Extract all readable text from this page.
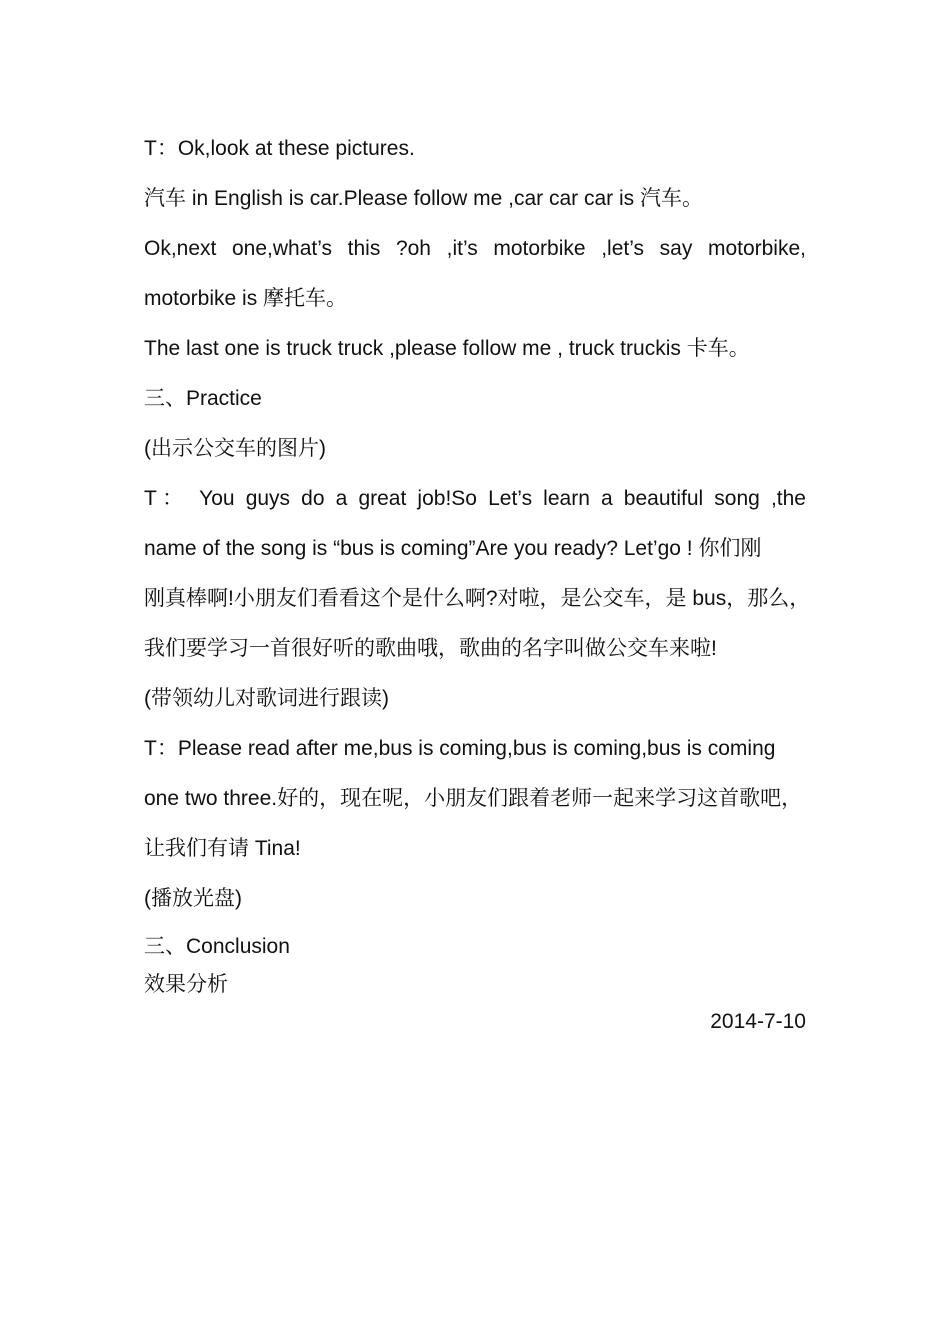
T：Ok,look at these pictures.
汽车 in English is car.Please follow me ,car car car is 汽车。
Ok,next one,what’s this ?oh ,it’s motorbike ,let’s say motorbike,
motorbike is 摩托车。
The last one is truck truck ,please follow me , truck truckis 卡车。
三、Practice
(出示公交车的图片)
T： You guys do a great job!So Let’s learn a beautiful song ,the
name of the song is “bus is coming”Are you ready? Let’go ! 你们刚
刚真棒啊!小朋友们看看这个是什么啊?对啦，是公交车，是 bus，那么，
我们要学习一首很好听的歌曲哦，歌曲的名字叫做公交车来啦!
(带领幼儿对歌词进行跟读)
T：Please read after me,bus is coming,bus is coming,bus is coming
one two three.好的，现在呢，小朋友们跟着老师一起来学习这首歌吧，
让我们有请 Tina!
(播放光盘)
三、Conclusion
效果分析
2014-7-10
